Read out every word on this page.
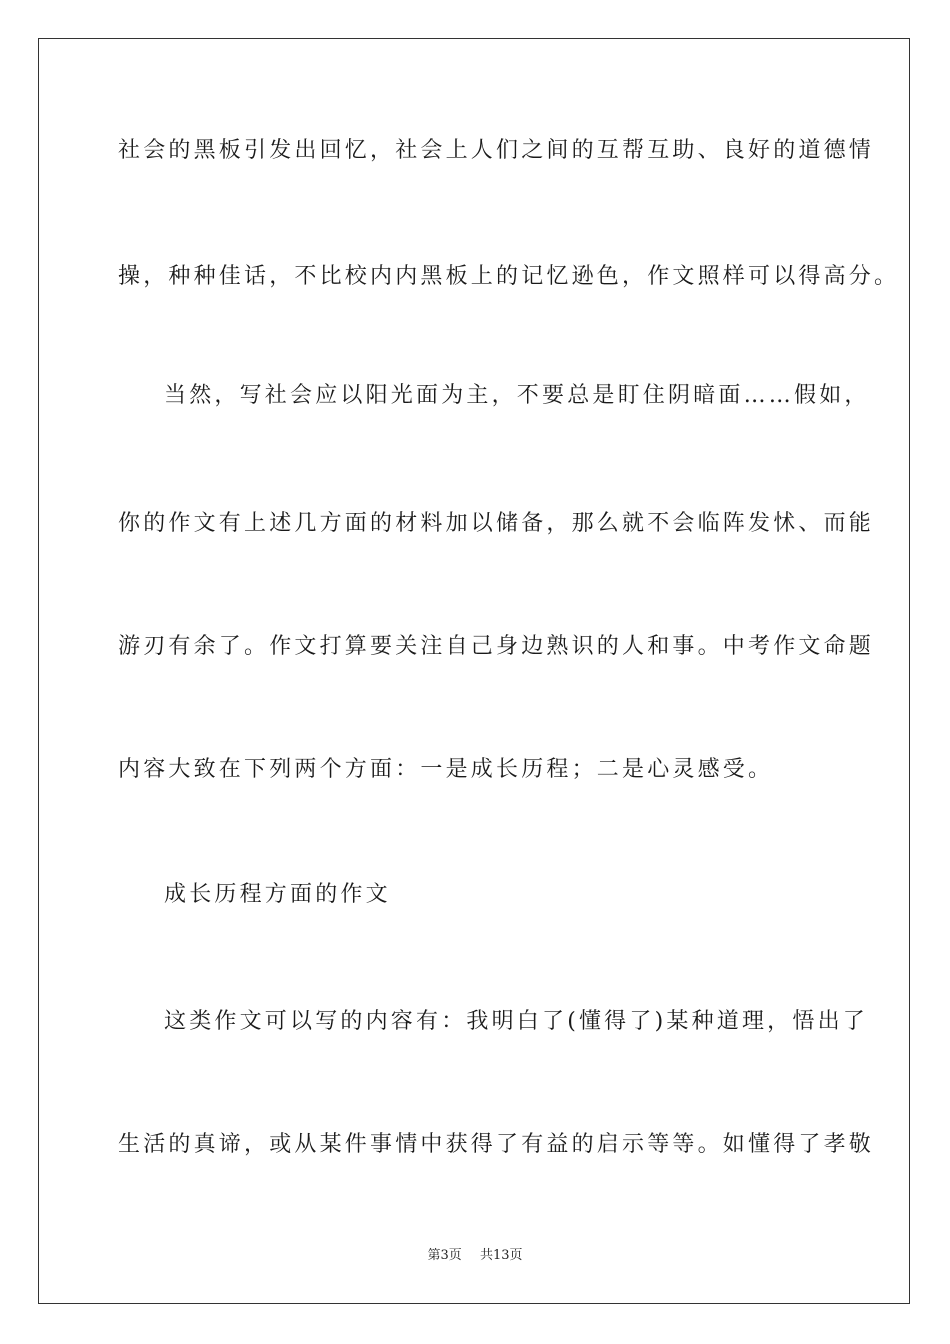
社会的黑板引发出回忆，社会上人们之间的互帮互助、良好的道德情
操，种种佳话，不比校内内黑板上的记忆逊色，作文照样可以得高分。
当然，写社会应以阳光面为主，不要总是盯住阴暗面……假如，
你的作文有上述几方面的材料加以储备，那么就不会临阵发怵、而能
游刃有余了。作文打算要关注自己身边熟识的人和事。中考作文命题
内容大致在下列两个方面：一是成长历程；二是心灵感受。
成长历程方面的作文
这类作文可以写的内容有：我明白了(懂得了)某种道理，悟出了
生活的真谛，或从某件事情中获得了有益的启示等等。如懂得了孝敬
第3页 共13页
